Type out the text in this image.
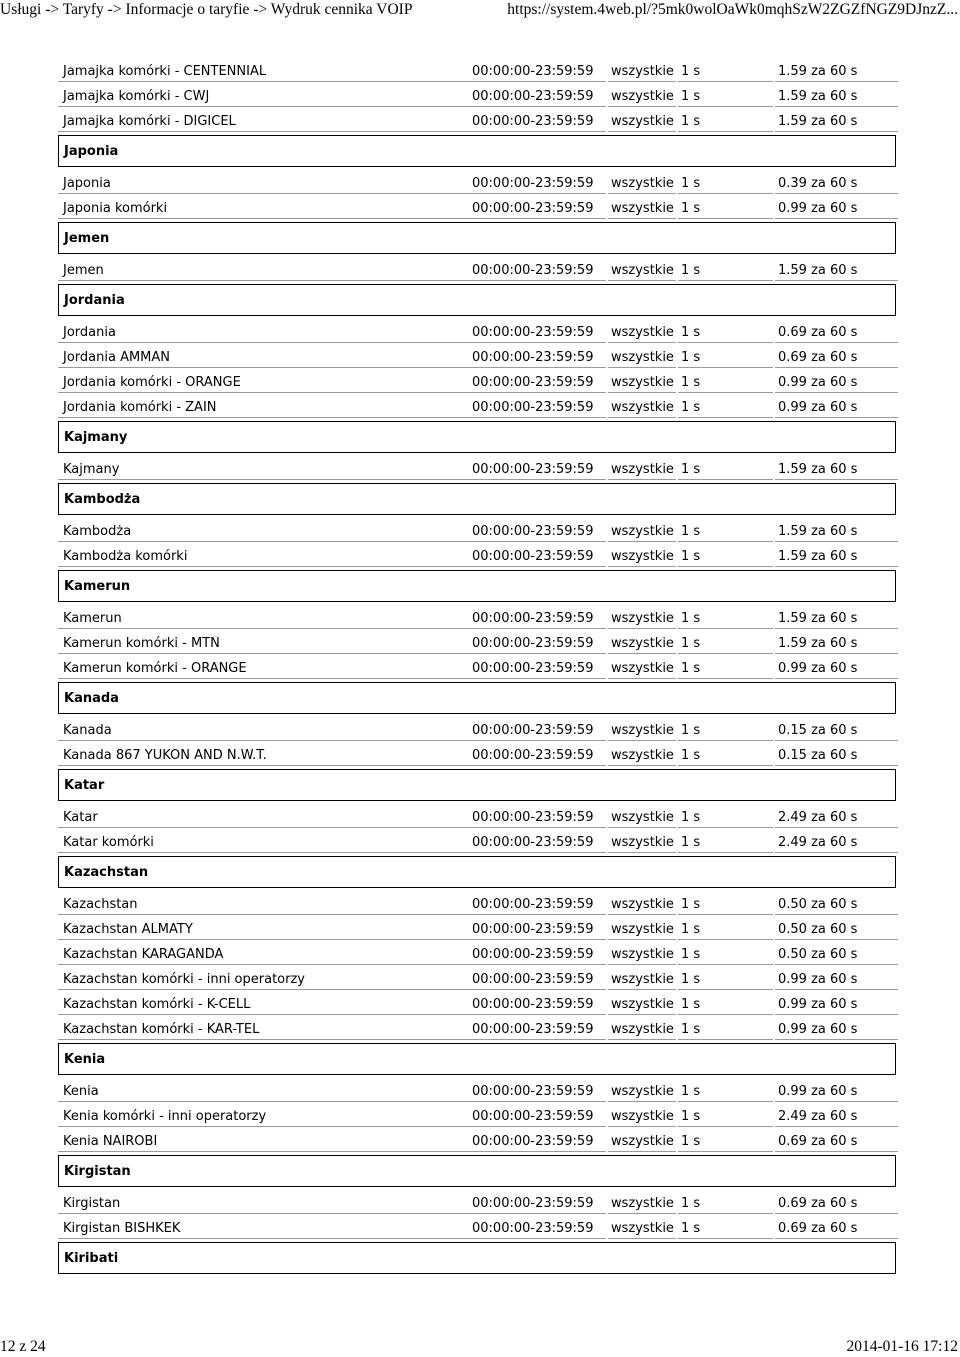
Usługi -> Taryfy -> Informacje o taryfie -> Wydruk cennika VOIP	https://system.4web.pl/?5mk0wolOaWk0mqhSzW2ZGZfNGZ9DJnzZ...
Jamajka komórki - CENTENNIAL	00:00:00-23:59:59	wszystkie 1 s	1.59 za 60 s
Jamajka komórki - CWJ	00:00:00-23:59:59	wszystkie 1 s	1.59 za 60 s
Jamajka komórki - DIGICEL	00:00:00-23:59:59	wszystkie 1 s	1.59 za 60 s
Japonia
Japonia	00:00:00-23:59:59	wszystkie 1 s	0.39 za 60 s
Japonia komórki	00:00:00-23:59:59	wszystkie 1 s	0.99 za 60 s
Jemen
Jemen	00:00:00-23:59:59	wszystkie 1 s	1.59 za 60 s
Jordania
Jordania	00:00:00-23:59:59	wszystkie 1 s	0.69 za 60 s
Jordania AMMAN	00:00:00-23:59:59	wszystkie 1 s	0.69 za 60 s
Jordania komórki - ORANGE	00:00:00-23:59:59	wszystkie 1 s	0.99 za 60 s
Jordania komórki - ZAIN	00:00:00-23:59:59	wszystkie 1 s	0.99 za 60 s
Kajmany
Kajmany	00:00:00-23:59:59	wszystkie 1 s	1.59 za 60 s
Kambodża
Kambodża	00:00:00-23:59:59	wszystkie 1 s	1.59 za 60 s
Kambodża komórki	00:00:00-23:59:59	wszystkie 1 s	1.59 za 60 s
Kamerun
Kamerun	00:00:00-23:59:59	wszystkie 1 s	1.59 za 60 s
Kamerun komórki - MTN	00:00:00-23:59:59	wszystkie 1 s	1.59 za 60 s
Kamerun komórki - ORANGE	00:00:00-23:59:59	wszystkie 1 s	0.99 za 60 s
Kanada
Kanada	00:00:00-23:59:59	wszystkie 1 s	0.15 za 60 s
Kanada 867 YUKON AND N.W.T.	00:00:00-23:59:59	wszystkie 1 s	0.15 za 60 s
Katar
Katar	00:00:00-23:59:59	wszystkie 1 s	2.49 za 60 s
Katar komórki	00:00:00-23:59:59	wszystkie 1 s	2.49 za 60 s
Kazachstan
Kazachstan	00:00:00-23:59:59	wszystkie 1 s	0.50 za 60 s
Kazachstan ALMATY	00:00:00-23:59:59	wszystkie 1 s	0.50 za 60 s
Kazachstan KARAGANDA	00:00:00-23:59:59	wszystkie 1 s	0.50 za 60 s
Kazachstan komórki - inni operatorzy	00:00:00-23:59:59	wszystkie 1 s	0.99 za 60 s
Kazachstan komórki - K-CELL	00:00:00-23:59:59	wszystkie 1 s	0.99 za 60 s
Kazachstan komórki - KAR-TEL	00:00:00-23:59:59	wszystkie 1 s	0.99 za 60 s
Kenia
Kenia	00:00:00-23:59:59	wszystkie 1 s	0.99 za 60 s
Kenia komórki - inni operatorzy	00:00:00-23:59:59	wszystkie 1 s	2.49 za 60 s
Kenia NAIROBI	00:00:00-23:59:59	wszystkie 1 s	0.69 za 60 s
Kirgistan
Kirgistan	00:00:00-23:59:59	wszystkie 1 s	0.69 za 60 s
Kirgistan BISHKEK	00:00:00-23:59:59	wszystkie 1 s	0.69 za 60 s
Kiribati
12 z 24	2014-01-16 17:12
